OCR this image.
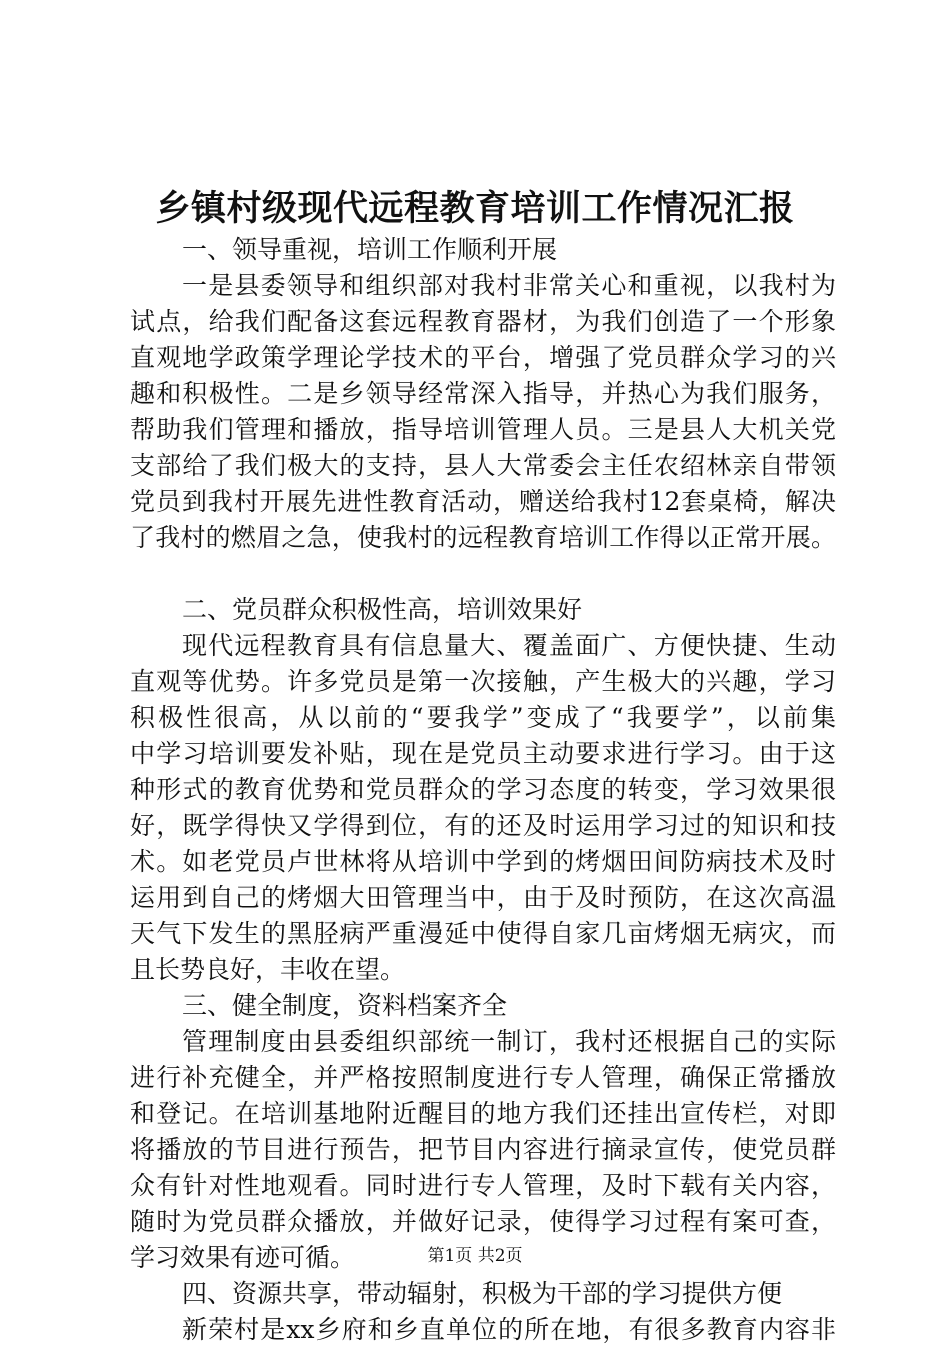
乡镇村级现代远程教育培训工作情况汇报
一、领导重视，培训工作顺利开展
一是县委领导和组织部对我村非常关心和重视，以我村为
试点，给我们配备这套远程教育器材，为我们创造了一个形象
直观地学政策学理论学技术的平台，增强了党员群众学习的兴
趣和积极性。二是乡领导经常深入指导，并热心为我们服务，
帮助我们管理和播放，指导培训管理人员。三是县人大机关党
支部给了我们极大的支持，县人大常委会主任农绍林亲自带领
党员到我村开展先进性教育活动，赠送给我村12套桌椅，解决
了我村的燃眉之急，使我村的远程教育培训工作得以正常开展。
二、党员群众积极性高，培训效果好
现代远程教育具有信息量大、覆盖面广、方便快捷、生动
直观等优势。许多党员是第一次接触，产生极大的兴趣，学习
积极性很高，从以前的“要我学”变成了“我要学”，以前集
中学习培训要发补贴，现在是党员主动要求进行学习。由于这
种形式的教育优势和党员群众的学习态度的转变，学习效果很
好，既学得快又学得到位，有的还及时运用学习过的知识和技
术。如老党员卢世林将从培训中学到的烤烟田间防病技术及时
运用到自己的烤烟大田管理当中，由于及时预防，在这次高温
天气下发生的黑胫病严重漫延中使得自家几亩烤烟无病灾，而
且长势良好，丰收在望。
三、健全制度，资料档案齐全
管理制度由县委组织部统一制订，我村还根据自己的实际
进行补充健全，并严格按照制度进行专人管理，确保正常播放
和登记。在培训基地附近醒目的地方我们还挂出宣传栏，对即
将播放的节目进行预告，把节目内容进行摘录宣传，使党员群
众有针对性地观看。同时进行专人管理，及时下载有关内容，
随时为党员群众播放，并做好记录，使得学习过程有案可查，
学习效果有迹可循。
四、资源共享，带动辐射，积极为干部的学习提供方便
新荣村是xx乡府和乡直单位的所在地，有很多教育内容非
第1页 共2页
